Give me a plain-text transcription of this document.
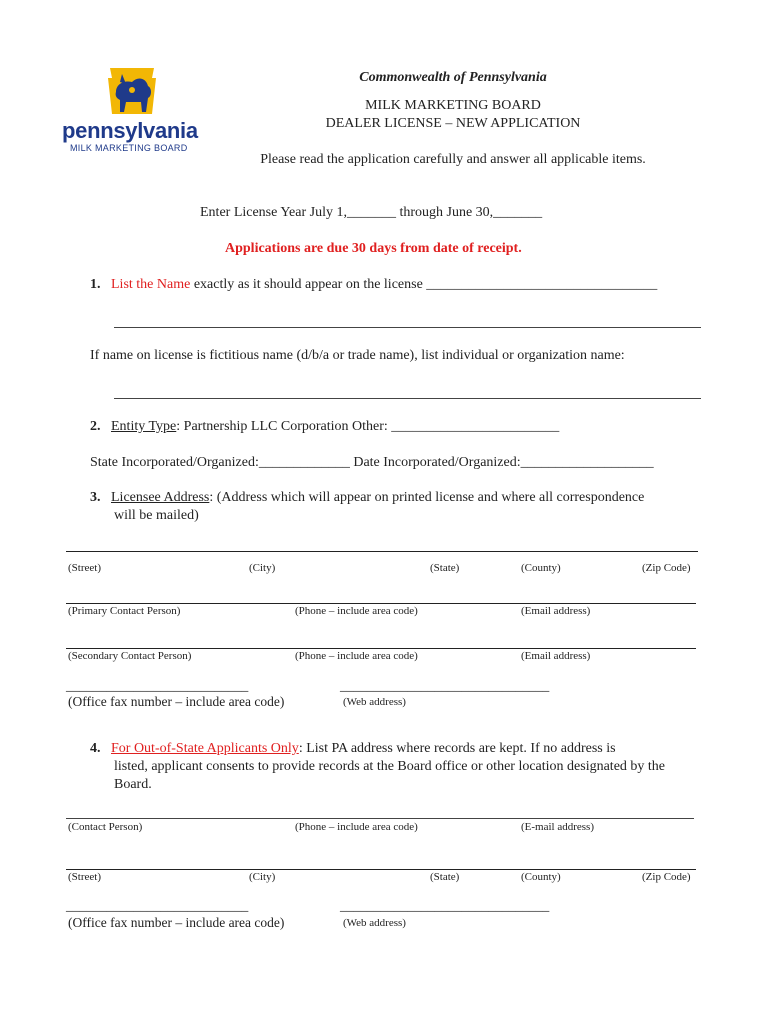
pennsylvania
MILK MARKETING BOARD
Commonwealth of Pennsylvania
MILK MARKETING BOARD
DEALER LICENSE – NEW APPLICATION
Please read the application carefully and answer all applicable items.
Enter License Year July 1,_______ through June 30,_______
Applications are due 30 days from date of receipt.
1. List the Name exactly as it should appear on the license _________________________________
If name on license is fictitious name (d/b/a or trade name), list individual or organization name:
2. Entity Type: Partnership LLC Corporation Other: ________________________
State Incorporated/Organized:_____________ Date Incorporated/Organized:___________________
3. Licensee Address: (Address which will appear on printed license and where all correspondence
will be mailed)
(Street)	(City)	(State)	(County)	(Zip Code)
(Primary Contact Person)	(Phone – include area code)	(Email address)
(Secondary Contact Person)	(Phone – include area code)	(Email address)
___________________________	_______________________________
(Office fax number – include area code)	(Web address)
4. For Out-of-State Applicants Only: List PA address where records are kept. If no address is
listed, applicant consents to provide records at the Board office or other location designated by the
Board.
(Contact Person)	(Phone – include area code)	(E-mail address)
(Street)	(City)	(State)	(County)	(Zip Code)
___________________________	_______________________________
(Office fax number – include area code)	(Web address)
